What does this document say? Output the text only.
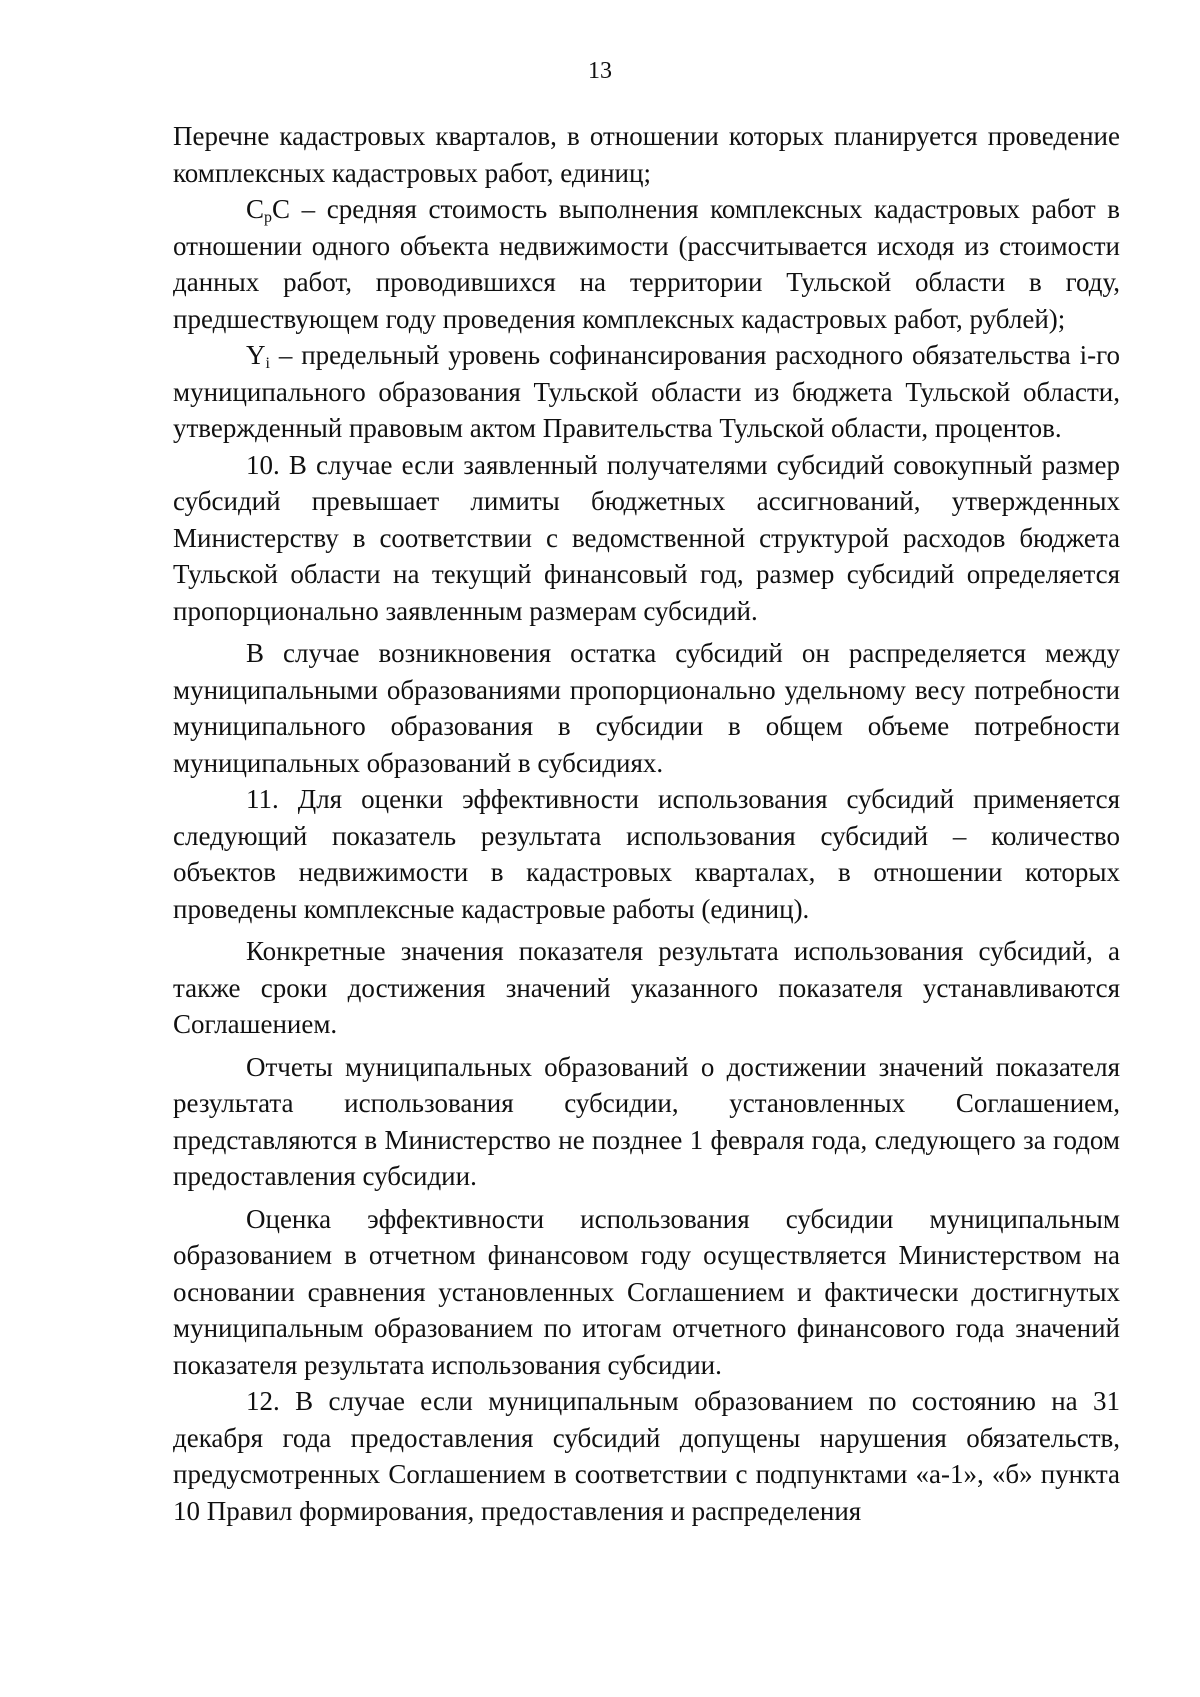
13

Перечне кадастровых кварталов, в отношении которых планируется проведение комплексных кадастровых работ, единиц;

$C_pC$ – средняя стоимость выполнения комплексных кадастровых работ в отношении одного объекта недвижимости (рассчитывается исходя из стоимости данных работ, проводившихся на территории Тульской области в году, предшествующем году проведения комплексных кадастровых работ, рублей);

$Y_i$ – предельный уровень софинансирования расходного обязательства i-го муниципального образования Тульской области из бюджета Тульской области, утвержденный правовым актом Правительства Тульской области, процентов.

10. В случае если заявленный получателями субсидий совокупный размер субсидий превышает лимиты бюджетных ассигнований, утвержденных Министерству в соответствии с ведомственной структурой расходов бюджета Тульской области на текущий финансовый год, размер субсидий определяется пропорционально заявленным размерам субсидий.

В случае возникновения остатка субсидий он распределяется между муниципальными образованиями пропорционально удельному весу потребности муниципального образования в субсидии в общем объеме потребности муниципальных образований в субсидиях.

11. Для оценки эффективности использования субсидий применяется следующий показатель результата использования субсидий – количество объектов недвижимости в кадастровых кварталах, в отношении которых проведены комплексные кадастровые работы (единиц).

Конкретные значения показателя результата использования субсидий, а также сроки достижения значений указанного показателя устанавливаются Соглашением.

Отчеты муниципальных образований о достижении значений показателя результата использования субсидии, установленных Соглашением, представляются в Министерство не позднее 1 февраля года, следующего за годом предоставления субсидии.

Оценка эффективности использования субсидии муниципальным образованием в отчетном финансовом году осуществляется Министерством на основании сравнения установленных Соглашением и фактически достигнутых муниципальным образованием по итогам отчетного финансового года значений показателя результата использования субсидии.

12. В случае если муниципальным образованием по состоянию на 31 декабря года предоставления субсидий допущены нарушения обязательств, предусмотренных Соглашением в соответствии с подпунктами «а-1», «б» пункта 10 Правил формирования, предоставления и распределения
